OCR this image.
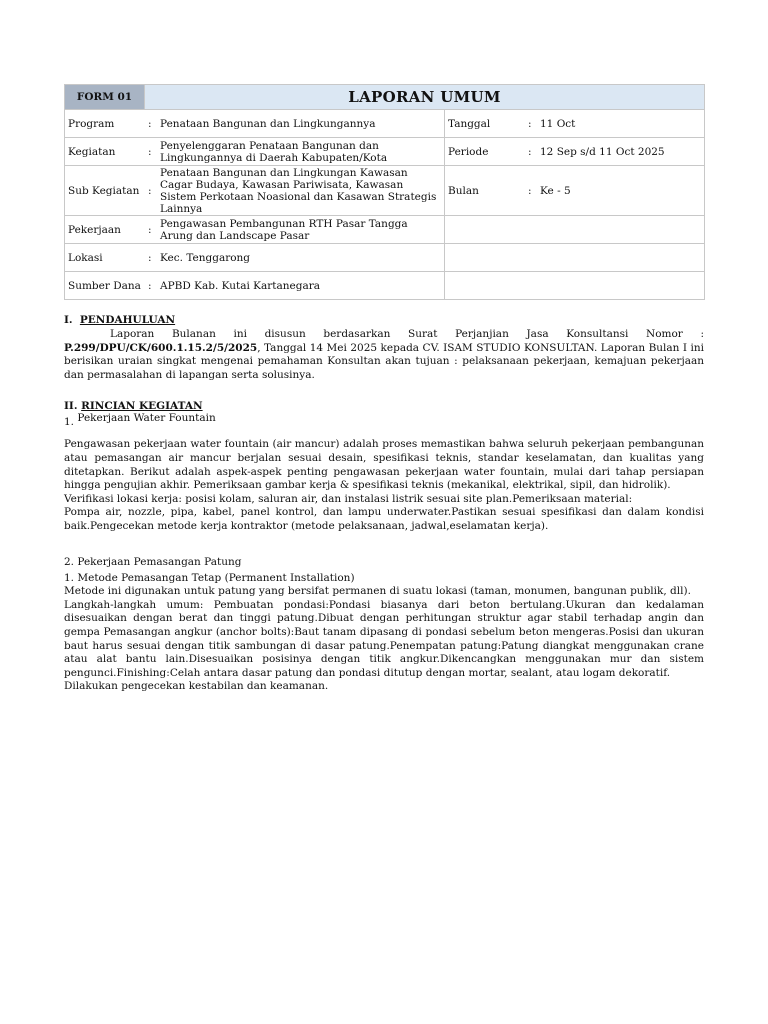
FORM 01	LAPORAN UMUM	

Program : Penataan Bangunan dan Lingkungannya		Tanggal : 11 Oct

Kegiatan : Penyelenggaran Penataan Bangunan dan Lingkungannya di Daerah Kabupaten/Kota		Periode : 12 Sep s/d 11 Oct 2025

Sub Kegiatan :
Penataan Bangunan dan Lingkungan Kawasan Cagar Budaya, Kawasan Pariwisata, Kawasan Sistem Perkotaan Noasional dan Kasawan Strategis Lainnya		Bulan : Ke - 5

Pekerjaan : Pengawasan Pembangunan RTH Pasar Tangga Arung dan Landscape Pasar		

Lokasi : Kec. Tenggarong		

Sumber Dana : APBD Kab. Kutai Kartanegara		

I. PENDAHULUAN

Laporan Bulanan ini disusun berdasarkan Surat Perjanjian Jasa Konsultansi Nomor : P.299/DPU/CK/600.1.15.2/5/2025, Tanggal 14 Mei 2025 kepada CV. ISAM STUDIO KONSULTAN. Laporan Bulan I ini berisikan uraian singkat mengenai pemahaman Konsultan akan tujuan : pelaksanaan pekerjaan, kemajuan pekerjaan dan permasalahan di lapangan serta solusinya.

II. RINCIAN KEGIATAN
1. Pekerjaan Water Fountain

Pengawasan pekerjaan water fountain (air mancur) adalah proses memastikan bahwa seluruh pekerjaan pembangunan atau pemasangan air mancur berjalan sesuai desain, spesifikasi teknis, standar keselamatan, dan kualitas yang ditetapkan. Berikut adalah aspek-aspek penting pengawasan pekerjaan water fountain, mulai dari tahap persiapan hingga pengujian akhir. Pemeriksaan gambar kerja & spesifikasi teknis (mekanikal, elektrikal, sipil, dan hidrolik).

Verifikasi lokasi kerja: posisi kolam, saluran air, dan instalasi listrik sesuai site plan.Pemeriksaan material:

Pompa air, nozzle, pipa, kabel, panel kontrol, dan lampu underwater.Pastikan sesuai spesifikasi dan dalam kondisi baik.Pengecekan metode kerja kontraktor (metode pelaksanaan, jadwal,eselamatan kerja).

2. Pekerjaan Pemasangan Patung

1. Metode Pemasangan Tetap (Permanent Installation)

Metode ini digunakan untuk patung yang bersifat permanen di suatu lokasi (taman, monumen, bangunan publik, dll).

Langkah-langkah umum: Pembuatan pondasi:Pondasi biasanya dari beton bertulang.Ukuran dan kedalaman disesuaikan dengan berat dan tinggi patung.Dibuat dengan perhitungan struktur agar stabil terhadap angin dan gempa Pemasangan angkur (anchor bolts):Baut tanam dipasang di pondasi sebelum beton mengeras.Posisi dan ukuran baut harus sesuai dengan titik sambungan di dasar patung.Penempatan patung:Patung diangkat menggunakan crane atau alat bantu lain.Disesuaikan posisinya dengan titik angkur.Dikencangkan menggunakan mur dan sistem pengunci.Finishing:Celah antara dasar patung dan pondasi ditutup dengan mortar, sealant, atau logam dekoratif.

Dilakukan pengecekan kestabilan dan keamanan.
